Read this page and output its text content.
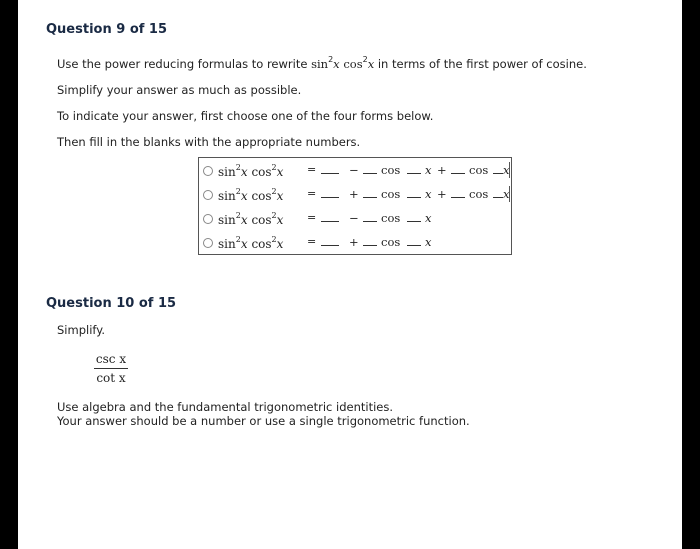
Question 9 of 15
Use the power reducing formulas to rewrite $\sin^2x$ $\cos^2x$ in terms of the first power of cosine.
Simplify your answer as much as possible.
To indicate your answer, first choose one of the four forms below.
Then fill in the blanks with the appropriate numbers.
$\sin^2x$ $\cos^2x$ =	− cos x + cos x
$\sin^2x$ $\cos^2x$ =	+ cos x + cos x
$\sin^2x$ $\cos^2x$ =	− cos x
$\sin^2x$ $\cos^2x$ =	+ cos x
Question 10 of 15
Simplify.
csc x
cot x
Use algebra and the fundamental trigonometric identities.
Your answer should be a number or use a single trigonometric function.
